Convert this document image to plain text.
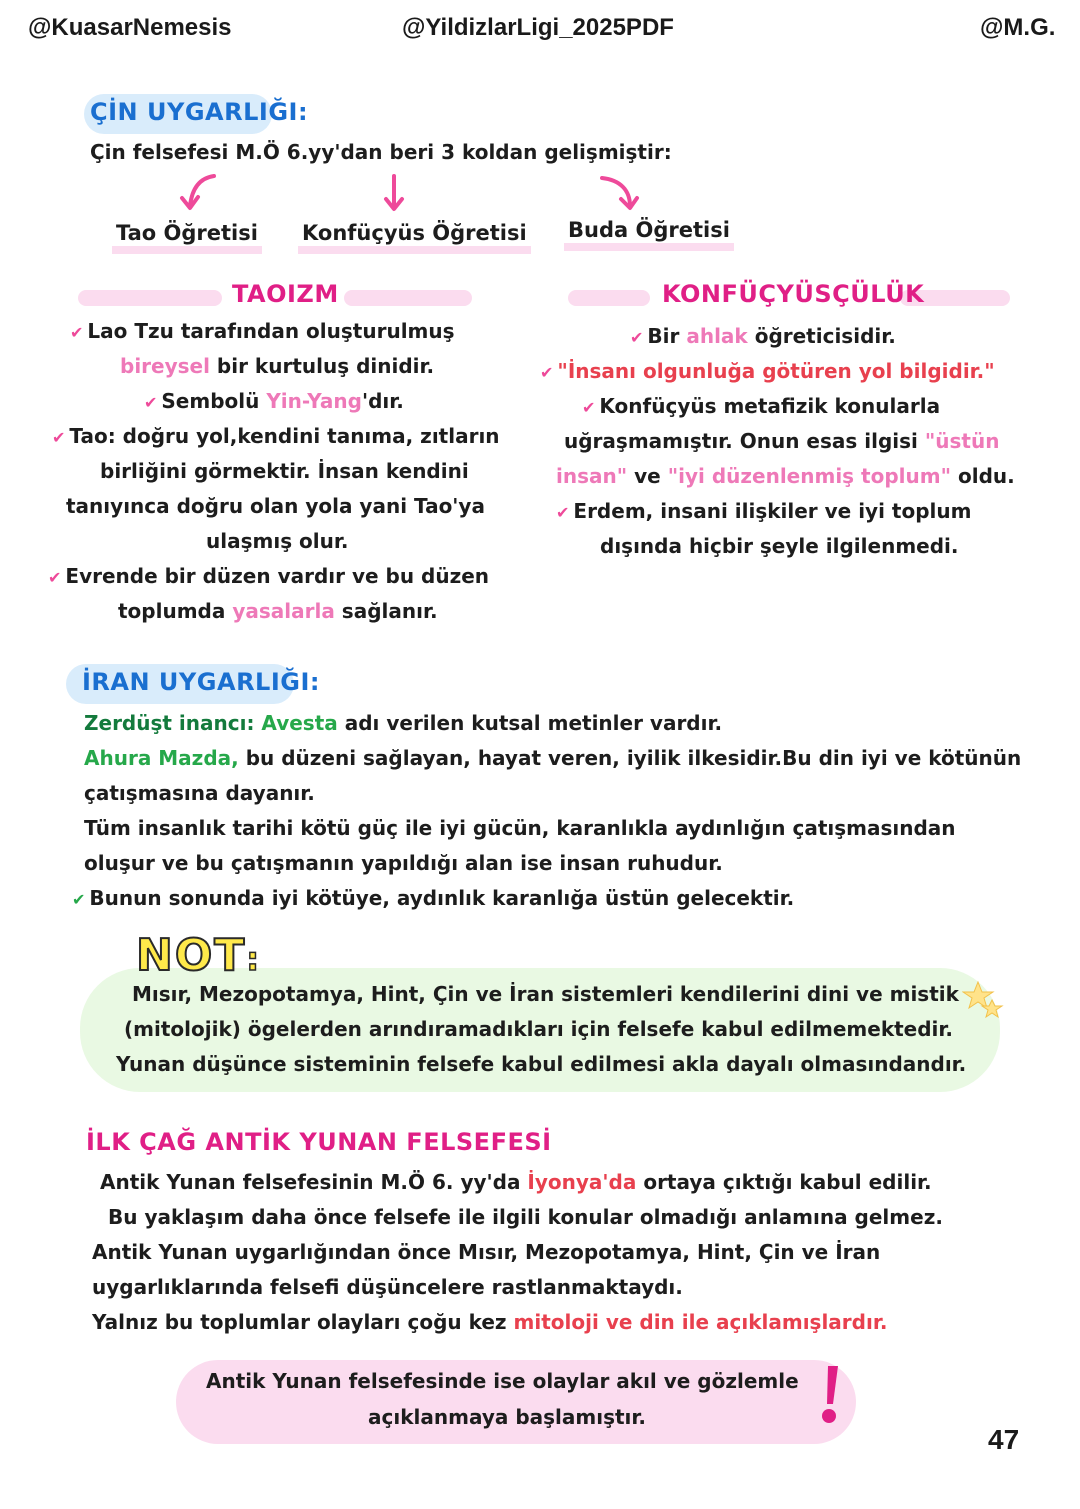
@KuasarNemesis	@YildizlarLigi_2025PDF	@M.G.
ÇİN UYGARLIĞI:
Çin felsefesi M.Ö 6.yy'dan beri 3 koldan gelişmiştir:
Tao Öğretisi Konfüçyüs Öğretisi Buda Öğretisi
TAOIZM
✔ Lao Tzu tarafından oluşturulmuş
bireysel bir kurtuluş dinidir.
✔ Sembolü Yin-Yang'dır.
✔ Tao: doğru yol,kendini tanıma, zıtların
birliğini görmektir. İnsan kendini
tanıyınca doğru olan yola yani Tao'ya
ulaşmış olur.
✔ Evrende bir düzen vardır ve bu düzen
toplumda yasalarla sağlanır.
KONFÜÇYÜSÇÜLÜK
✔ Bir ahlak öğreticisidir.
✔ "İnsanı olgunluğa götüren yol bilgidir."
✔ Konfüçyüs metafizik konularla
uğraşmamıştır. Onun esas ilgisi "üstün
insan" ve "iyi düzenlenmiş toplum" oldu.
✔ Erdem, insani ilişkiler ve iyi toplum
dışında hiçbir şeyle ilgilenmedi.
İRAN UYGARLIĞI:
Zerdüşt inancı: Avesta adı verilen kutsal metinler vardır.
Ahura Mazda, bu düzeni sağlayan, hayat veren, iyilik ilkesidir.Bu din iyi ve kötünün
çatışmasına dayanır.
Tüm insanlık tarihi kötü güç ile iyi gücün, karanlıkla aydınlığın çatışmasından
oluşur ve bu çatışmanın yapıldığı alan ise insan ruhudur.
✔ Bunun sonunda iyi kötüye, aydınlık karanlığa üstün gelecektir.
NOT:
Mısır, Mezopotamya, Hint, Çin ve İran sistemleri kendilerini dini ve mistik
(mitolojik) ögelerden arındıramadıkları için felsefe kabul edilmemektedir.
Yunan düşünce sisteminin felsefe kabul edilmesi akla dayalı olmasındandır.
İLK ÇAĞ ANTİK YUNAN FELSEFESİ
Antik Yunan felsefesinin M.Ö 6. yy'da İyonya'da ortaya çıktığı kabul edilir.
Bu yaklaşım daha önce felsefe ile ilgili konular olmadığı anlamına gelmez.
Antik Yunan uygarlığından önce Mısır, Mezopotamya, Hint, Çin ve İran
uygarlıklarında felsefi düşüncelere rastlanmaktaydı.
Yalnız bu toplumlar olayları çoğu kez mitoloji ve din ile açıklamışlardır.
Antik Yunan felsefesinde ise olaylar akıl ve gözlemle
açıklanmaya başlamıştır.
47
